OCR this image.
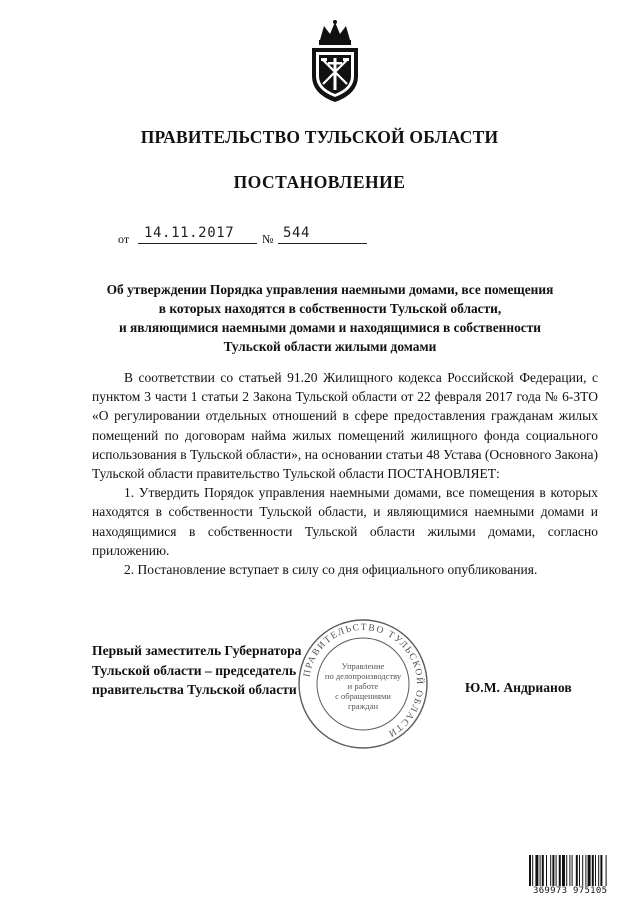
ПРАВИТЕЛЬСТВО ТУЛЬСКОЙ ОБЛАСТИ
ПОСТАНОВЛЕНИЕ
от 14.11.2017 № 544
Об утверждении Порядка управления наемными домами, все помещения
в которых находятся в собственности Тульской области,
и являющимися наемными домами и находящимися в собственности
Тульской области жилыми домами

В соответствии со статьей 91.20 Жилищного кодекса Российской Федерации, с пунктом 3 части 1 статьи 2 Закона Тульской области от 22 февраля 2017 года № 6-ЗТО «О регулировании отдельных отношений в сфере предоставления гражданам жилых помещений по договорам найма жилых помещений жилищного фонда социального использования в Тульской области», на основании статьи 48 Устава (Основного Закона) Тульской области правительство Тульской области ПОСТАНОВЛЯЕТ:

1. Утвердить Порядок управления наемными домами, все помещения в которых находятся в собственности Тульской области, и являющимися наемными домами и находящимися в собственности Тульской области жилыми домами, согласно приложению.

2. Постановление вступает в силу со дня официального опубликования.

ПРАВИТЕЛЬСТВО ТУЛЬСКОЙ ОБЛАСТИ
Управление
по делопроизводству
и работе
с обращениями
граждан
Первый заместитель Губернатора
Тульской области – председатель
правительства Тульской области	Ю.М. Андрианов
369973 975105
